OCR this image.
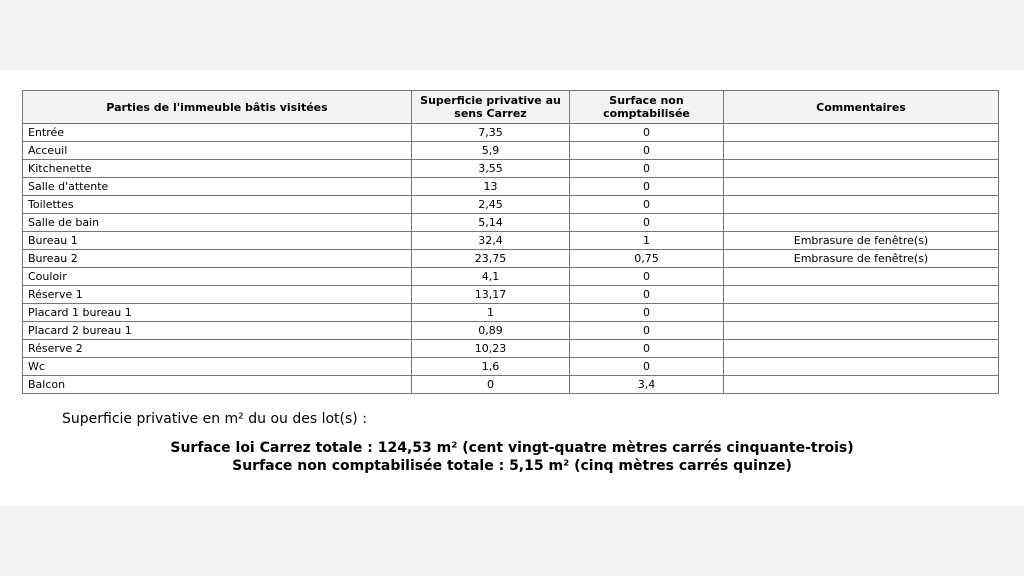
Parties de l'immeuble bâtis visitées	Superficie privative au sens Carrez	Surface non comptabilisée	Commentaires
Entrée	7,35	0	
Acceuil	5,9	0	
Kitchenette	3,55	0	
Salle d'attente	13	0	
Toilettes	2,45	0	
Salle de bain	5,14	0	
Bureau 1	32,4	1	Embrasure de fenêtre(s)
Bureau 2	23,75	0,75	Embrasure de fenêtre(s)
Couloir	4,1	0	
Réserve 1	13,17	0	
Placard 1 bureau 1	1	0	
Placard 2 bureau 1	0,89	0	
Réserve 2	10,23	0	
Wc	1,6	0	
Balcon	0	3,4	
Superficie privative en m² du ou des lot(s) :
Surface loi Carrez totale : 124,53 m² (cent vingt-quatre mètres carrés cinquante-trois)
Surface non comptabilisée totale : 5,15 m² (cinq mètres carrés quinze)
